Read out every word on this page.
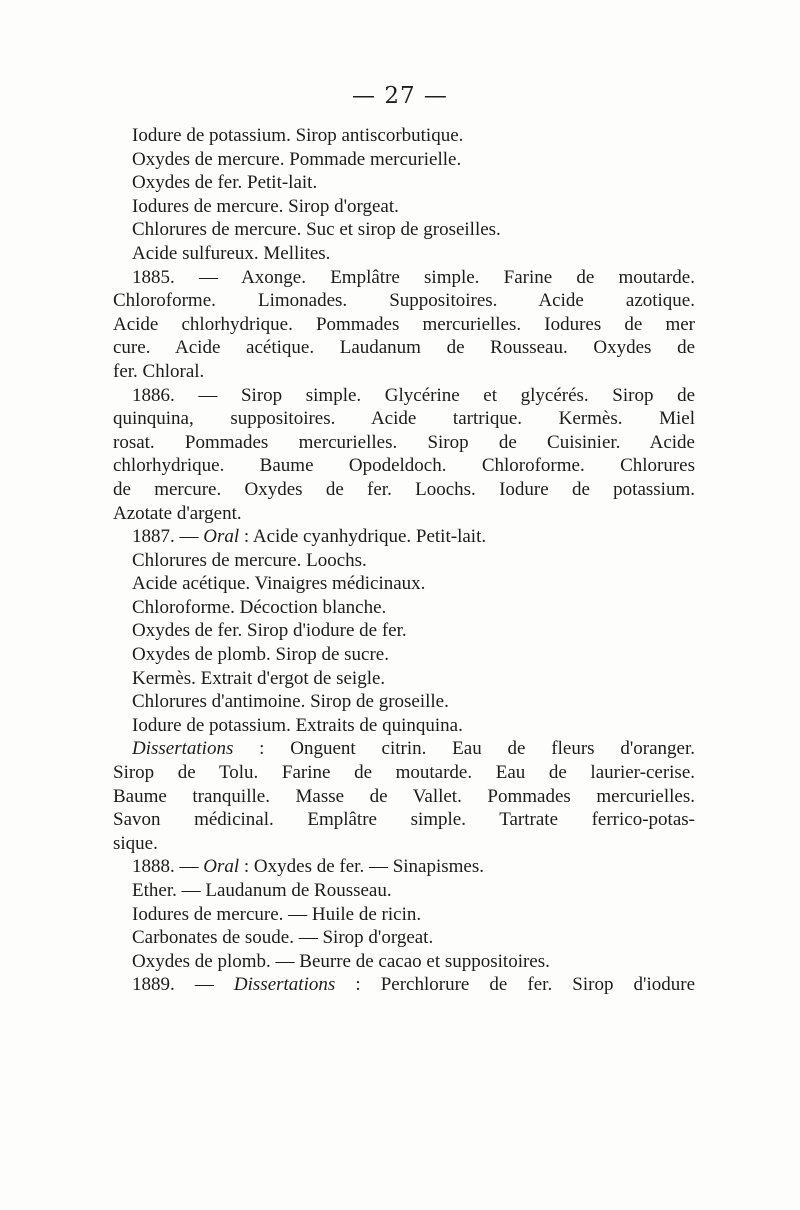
— 27 —
Iodure de potassium. Sirop antiscorbutique.
Oxydes de mercure. Pommade mercurielle.
Oxydes de fer. Petit-lait.
Iodures de mercure. Sirop d'orgeat.
Chlorures de mercure. Suc et sirop de groseilles.
Acide sulfureux. Mellites.
1885. — Axonge. Emplâtre simple. Farine de moutarde.
Chloroforme. Limonades. Suppositoires. Acide azotique.
Acide chlorhydrique. Pommades mercurielles. Iodures de mer
cure. Acide acétique. Laudanum de Rousseau. Oxydes de
fer. Chloral.
1886. — Sirop simple. Glycérine et glycérés. Sirop de
quinquina, suppositoires. Acide tartrique. Kermès. Miel
rosat. Pommades mercurielles. Sirop de Cuisinier. Acide
chlorhydrique. Baume Opodeldoch. Chloroforme. Chlorures
de mercure. Oxydes de fer. Loochs. Iodure de potassium.
Azotate d'argent.
1887. — Oral : Acide cyanhydrique. Petit-lait.
Chlorures de mercure. Loochs.
Acide acétique. Vinaigres médicinaux.
Chloroforme. Décoction blanche.
Oxydes de fer. Sirop d'iodure de fer.
Oxydes de plomb. Sirop de sucre.
Kermès. Extrait d'ergot de seigle.
Chlorures d'antimoine. Sirop de groseille.
Iodure de potassium. Extraits de quinquina.
Dissertations : Onguent citrin. Eau de fleurs d'oranger.
Sirop de Tolu. Farine de moutarde. Eau de laurier-cerise.
Baume tranquille. Masse de Vallet. Pommades mercurielles.
Savon médicinal. Emplâtre simple. Tartrate ferrico-potas-
sique.
1888. — Oral : Oxydes de fer. — Sinapismes.
Ether. — Laudanum de Rousseau.
Iodures de mercure. — Huile de ricin.
Carbonates de soude. — Sirop d'orgeat.
Oxydes de plomb. — Beurre de cacao et suppositoires.
1889. — Dissertations : Perchlorure de fer. Sirop d'iodure
